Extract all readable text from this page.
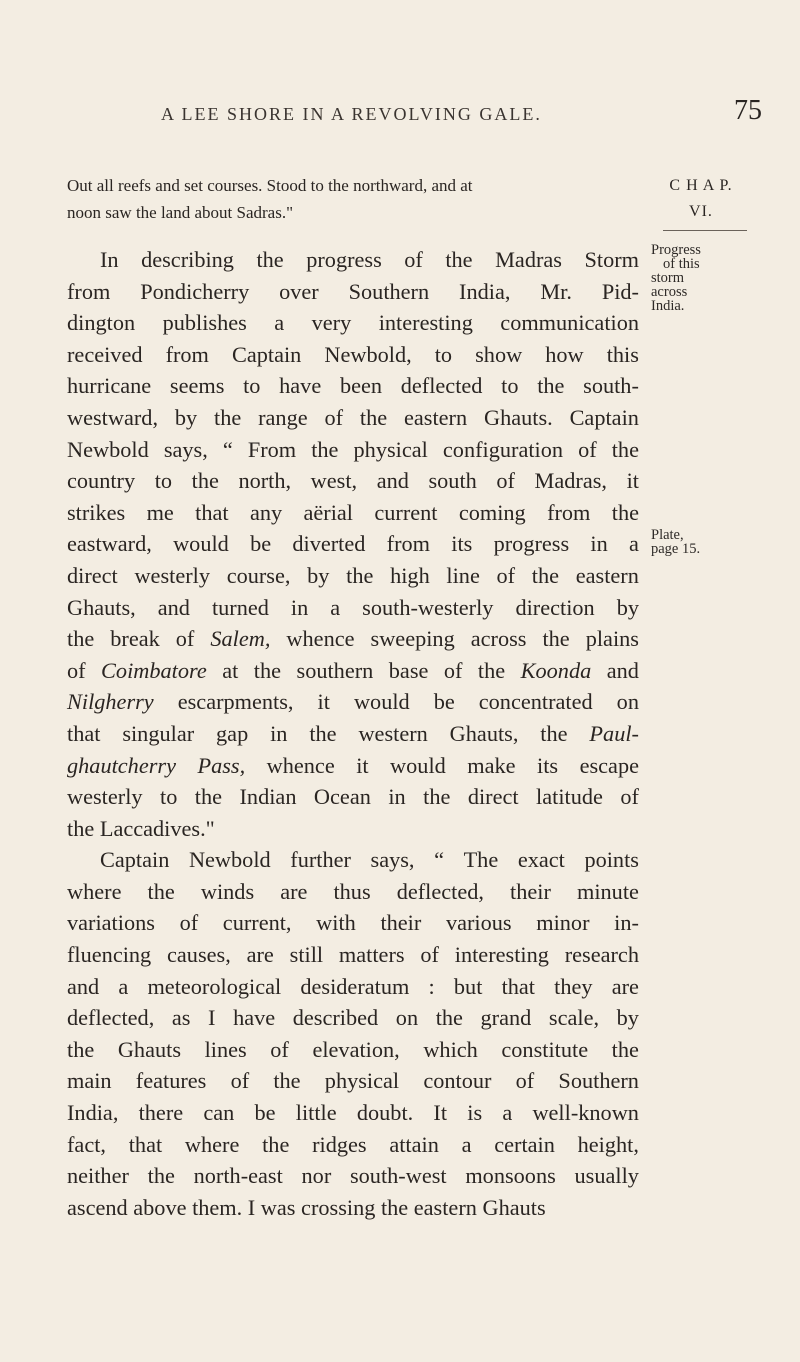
A LEE SHORE IN A REVOLVING GALE.	75
Out all reefs and set courses. Stood to the northward, and at
noon saw the land about Sadras."
C H A P.
VI.
Progress
of this
storm
across
India.
Plate,
page 15.
In describing the progress of the Madras Storm
from Pondicherry over Southern India, Mr. Pid-
dington publishes a very interesting communication
received from Captain Newbold, to show how this
hurricane seems to have been deflected to the south-
westward, by the range of the eastern Ghauts. Captain
Newbold says, “ From the physical configuration of the
country to the north, west, and south of Madras, it
strikes me that any aërial current coming from the
eastward, would be diverted from its progress in a
direct westerly course, by the high line of the eastern
Ghauts, and turned in a south-westerly direction by
the break of Salem, whence sweeping across the plains
of Coimbatore at the southern base of the Koonda and
Nilgherry escarpments, it would be concentrated on
that singular gap in the western Ghauts, the Paul-
ghautcherry Pass, whence it would make its escape
westerly to the Indian Ocean in the direct latitude of
the Laccadives."
Captain Newbold further says, “ The exact points
where the winds are thus deflected, their minute
variations of current, with their various minor in-
fluencing causes, are still matters of interesting research
and a meteorological desideratum : but that they are
deflected, as I have described on the grand scale, by
the Ghauts lines of elevation, which constitute the
main features of the physical contour of Southern
India, there can be little doubt. It is a well-known
fact, that where the ridges attain a certain height,
neither the north-east nor south-west monsoons usually
ascend above them. I was crossing the eastern Ghauts
